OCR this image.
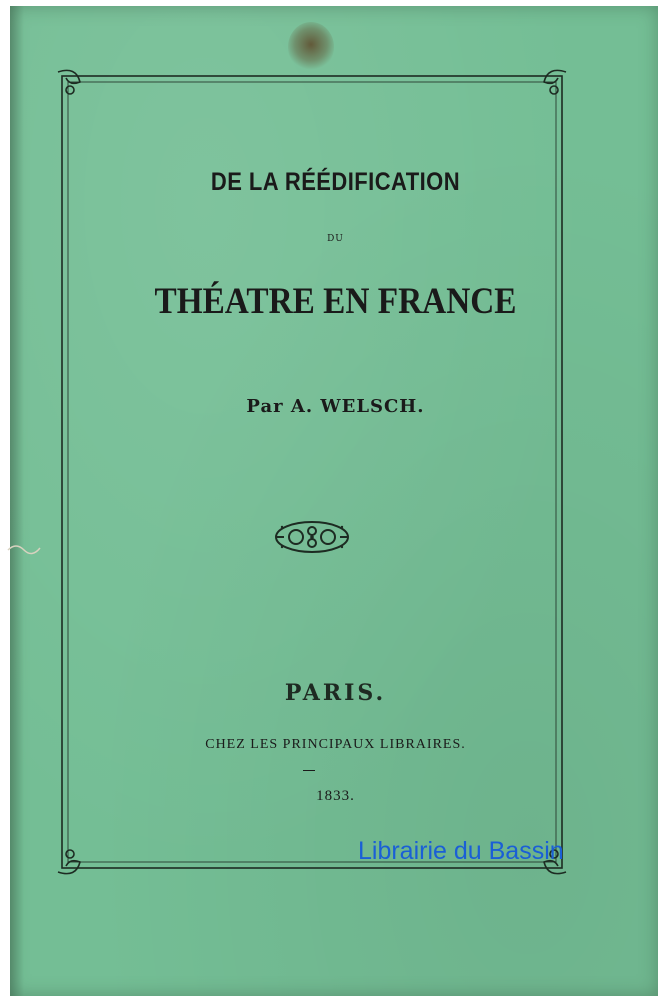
DE LA RÉÉDIFICATION
DU
THÉATRE EN FRANCE
Par A. WELSCH.
PARIS.
CHEZ LES PRINCIPAUX LIBRAIRES.
1833.
Librairie du Bassin
